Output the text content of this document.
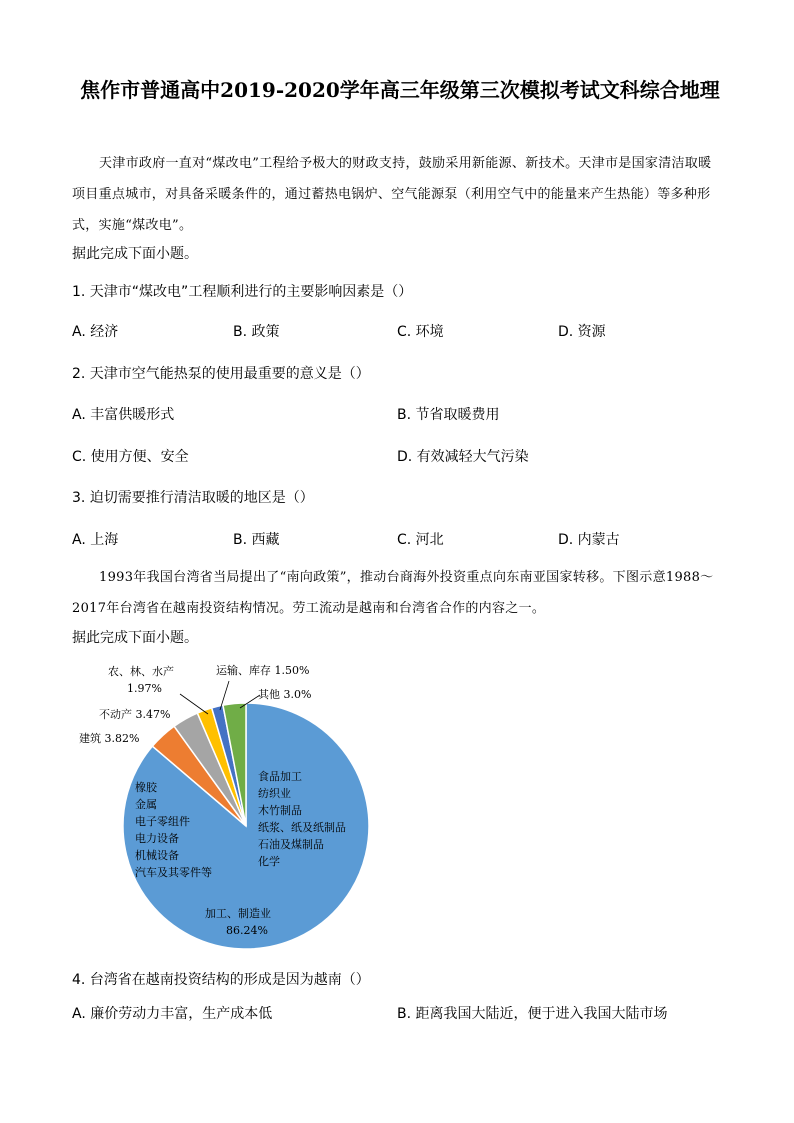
焦作市普通高中2019-2020学年高三年级第三次模拟考试文科综合地理

天津市政府一直对“煤改电”工程给予极大的财政支持，鼓励采用新能源、新技术。天津市是国家清洁取暖项目重点城市，对具备采暖条件的，通过蓄热电锅炉、空气能源泵（利用空气中的能量来产生热能）等多种形式，实施“煤改电”。

据此完成下面小题。

1. 天津市“煤改电”工程顺利进行的主要影响因素是（）

A. 经济	B. 政策	C. 环境	D. 资源

2. 天津市空气能热泵的使用最重要的意义是（）

A. 丰富供暖形式	B. 节省取暖费用
C. 使用方便、安全	D. 有效减轻大气污染

3. 迫切需要推行清洁取暖的地区是（）

A. 上海	B. 西藏	C. 河北	D. 内蒙古

1993年我国台湾省当局提出了“南向政策”，推动台商海外投资重点向东南亚国家转移。下图示意1988～2017年台湾省在越南投资结构情况。劳工流动是越南和台湾省合作的内容之一。

据此完成下面小题。

农、林、水产
1.97%
运输、库存 1.50%
其他 3.0%
不动产 3.47%
建筑 3.82%
橡胶
金属
电子零组件
电力设备
机械设备
汽车及其零件等
食品加工
纺织业
木竹制品
纸浆、纸及纸制品
石油及煤制品
化学
加工、制造业
86.24%

4. 台湾省在越南投资结构的形成是因为越南（）

A. 廉价劳动力丰富，生产成本低	B. 距离我国大陆近，便于进入我国大陆市场
